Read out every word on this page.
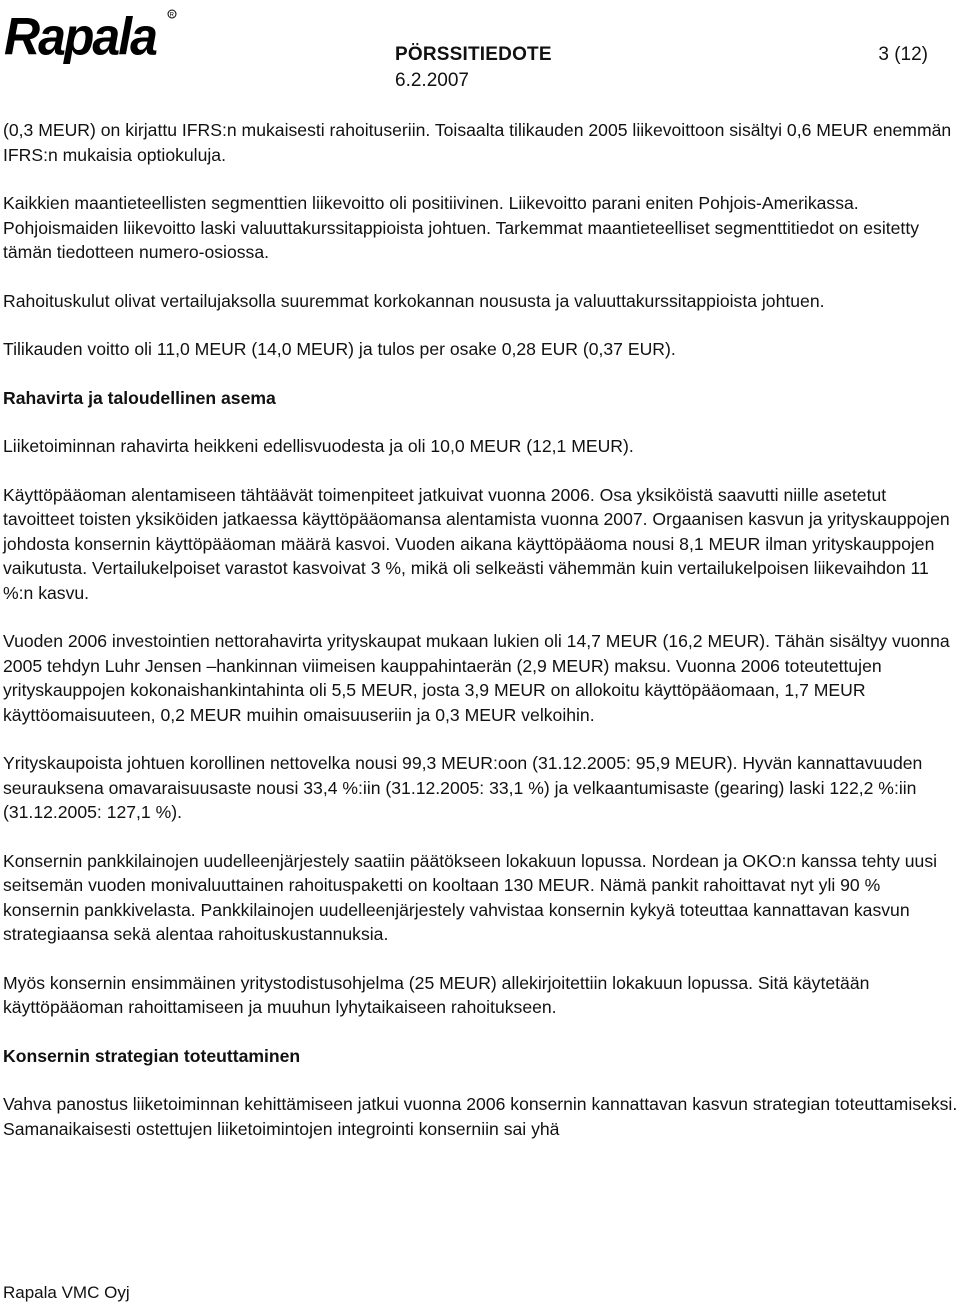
Rapala R
PÖRSSITIEDOTE	3 (12)
6.2.2007

(0,3 MEUR) on kirjattu IFRS:n mukaisesti rahoituseriin. Toisaalta tilikauden 2005 liikevoittoon sisältyi 0,6 MEUR enemmän IFRS:n mukaisia optiokuluja.

Kaikkien maantieteellisten segmenttien liikevoitto oli positiivinen. Liikevoitto parani eniten Pohjois-Amerikassa. Pohjoismaiden liikevoitto laski valuuttakurssitappioista johtuen. Tarkemmat maantieteelliset segmenttitiedot on esitetty tämän tiedotteen numero-osiossa.

Rahoituskulut olivat vertailujaksolla suuremmat korkokannan noususta ja valuuttakurssitappioista johtuen.

Tilikauden voitto oli 11,0 MEUR (14,0 MEUR) ja tulos per osake 0,28 EUR (0,37 EUR).

Rahavirta ja taloudellinen asema

Liiketoiminnan rahavirta heikkeni edellisvuodesta ja oli 10,0 MEUR (12,1 MEUR).

Käyttöpääoman alentamiseen tähtäävät toimenpiteet jatkuivat vuonna 2006. Osa yksiköistä saavutti niille asetetut tavoitteet toisten yksiköiden jatkaessa käyttöpääomansa alentamista vuonna 2007. Orgaanisen kasvun ja yrityskauppojen johdosta konsernin käyttöpääoman määrä kasvoi. Vuoden aikana käyttöpääoma nousi 8,1 MEUR ilman yrityskauppojen vaikutusta. Vertailukelpoiset varastot kasvoivat 3 %, mikä oli selkeästi vähemmän kuin vertailukelpoisen liikevaihdon 11 %:n kasvu.

Vuoden 2006 investointien nettorahavirta yrityskaupat mukaan lukien oli 14,7 MEUR (16,2 MEUR). Tähän sisältyy vuonna 2005 tehdyn Luhr Jensen –hankinnan viimeisen kauppahintaerän (2,9 MEUR) maksu. Vuonna 2006 toteutettujen yrityskauppojen kokonaishankintahinta oli 5,5 MEUR, josta 3,9 MEUR on allokoitu käyttöpääomaan, 1,7 MEUR käyttöomaisuuteen, 0,2 MEUR muihin omaisuuseriin ja 0,3 MEUR velkoihin.

Yrityskaupoista johtuen korollinen nettovelka nousi 99,3 MEUR:oon (31.12.2005: 95,9 MEUR). Hyvän kannattavuuden seurauksena omavaraisuusaste nousi 33,4 %:iin (31.12.2005: 33,1 %) ja velkaantumisaste (gearing) laski 122,2 %:iin (31.12.2005: 127,1 %).

Konsernin pankkilainojen uudelleenjärjestely saatiin päätökseen lokakuun lopussa. Nordean ja OKO:n kanssa tehty uusi seitsemän vuoden monivaluuttainen rahoituspaketti on kooltaan 130 MEUR. Nämä pankit rahoittavat nyt yli 90 % konsernin pankkivelasta. Pankkilainojen uudelleenjärjestely vahvistaa konsernin kykyä toteuttaa kannattavan kasvun strategiaansa sekä alentaa rahoituskustannuksia.

Myös konsernin ensimmäinen yritystodistusohjelma (25 MEUR) allekirjoitettiin lokakuun lopussa. Sitä käytetään käyttöpääoman rahoittamiseen ja muuhun lyhytaikaiseen rahoitukseen.

Konsernin strategian toteuttaminen

Vahva panostus liiketoiminnan kehittämiseen jatkui vuonna 2006 konsernin kannattavan kasvun strategian toteuttamiseksi. Samanaikaisesti ostettujen liiketoimintojen integrointi konserniin sai yhä

Rapala VMC Oyj
